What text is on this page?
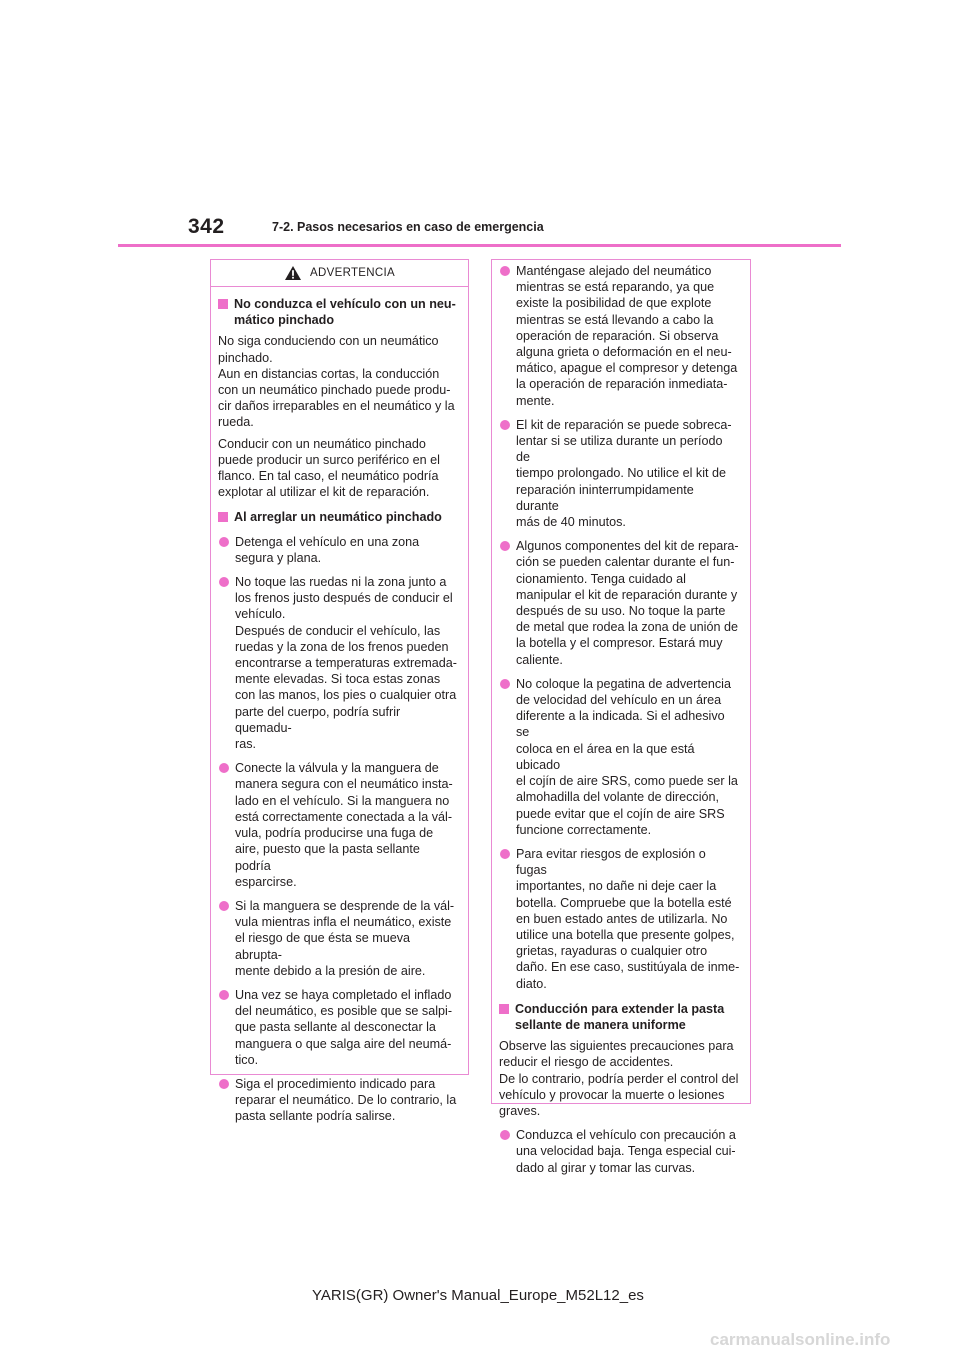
342	7-2. Pasos necesarios en caso de emergencia
ADVERTENCIA
No conduzca el vehículo con un neu-
mático pinchado
No siga conduciendo con un neumático
pinchado.
Aun en distancias cortas, la conducción
con un neumático pinchado puede produ-
cir daños irreparables en el neumático y la
rueda.
Conducir con un neumático pinchado
puede producir un surco periférico en el
flanco. En tal caso, el neumático podría
explotar al utilizar el kit de reparación.
Al arreglar un neumático pinchado
Detenga el vehículo en una zona
segura y plana.
No toque las ruedas ni la zona junto a
los frenos justo después de conducir el
vehículo.
Después de conducir el vehículo, las
ruedas y la zona de los frenos pueden
encontrarse a temperaturas extremada-
mente elevadas. Si toca estas zonas
con las manos, los pies o cualquier otra
parte del cuerpo, podría sufrir quemadu-
ras.
Conecte la válvula y la manguera de
manera segura con el neumático insta-
lado en el vehículo. Si la manguera no
está correctamente conectada a la vál-
vula, podría producirse una fuga de
aire, puesto que la pasta sellante podría
esparcirse.
Si la manguera se desprende de la vál-
vula mientras infla el neumático, existe
el riesgo de que ésta se mueva abrupta-
mente debido a la presión de aire.
Una vez se haya completado el inflado
del neumático, es posible que se salpi-
que pasta sellante al desconectar la
manguera o que salga aire del neumá-
tico.
Siga el procedimiento indicado para
reparar el neumático. De lo contrario, la
pasta sellante podría salirse.
Manténgase alejado del neumático
mientras se está reparando, ya que
existe la posibilidad de que explote
mientras se está llevando a cabo la
operación de reparación. Si observa
alguna grieta o deformación en el neu-
mático, apague el compresor y detenga
la operación de reparación inmediata-
mente.
El kit de reparación se puede sobreca-
lentar si se utiliza durante un período de
tiempo prolongado. No utilice el kit de
reparación ininterrumpidamente durante
más de 40 minutos.
Algunos componentes del kit de repara-
ción se pueden calentar durante el fun-
cionamiento. Tenga cuidado al
manipular el kit de reparación durante y
después de su uso. No toque la parte
de metal que rodea la zona de unión de
la botella y el compresor. Estará muy
caliente.
No coloque la pegatina de advertencia
de velocidad del vehículo en un área
diferente a la indicada. Si el adhesivo se
coloca en el área en la que está ubicado
el cojín de aire SRS, como puede ser la
almohadilla del volante de dirección,
puede evitar que el cojín de aire SRS
funcione correctamente.
Para evitar riesgos de explosión o fugas
importantes, no dañe ni deje caer la
botella. Compruebe que la botella esté
en buen estado antes de utilizarla. No
utilice una botella que presente golpes,
grietas, rayaduras o cualquier otro
daño. En ese caso, sustitúyala de inme-
diato.
Conducción para extender la pasta
sellante de manera uniforme
Observe las siguientes precauciones para
reducir el riesgo de accidentes.
De lo contrario, podría perder el control del
vehículo y provocar la muerte o lesiones
graves.
Conduzca el vehículo con precaución a
una velocidad baja. Tenga especial cui-
dado al girar y tomar las curvas.
YARIS(GR) Owner's Manual_Europe_M52L12_es
carmanualsonline.info
